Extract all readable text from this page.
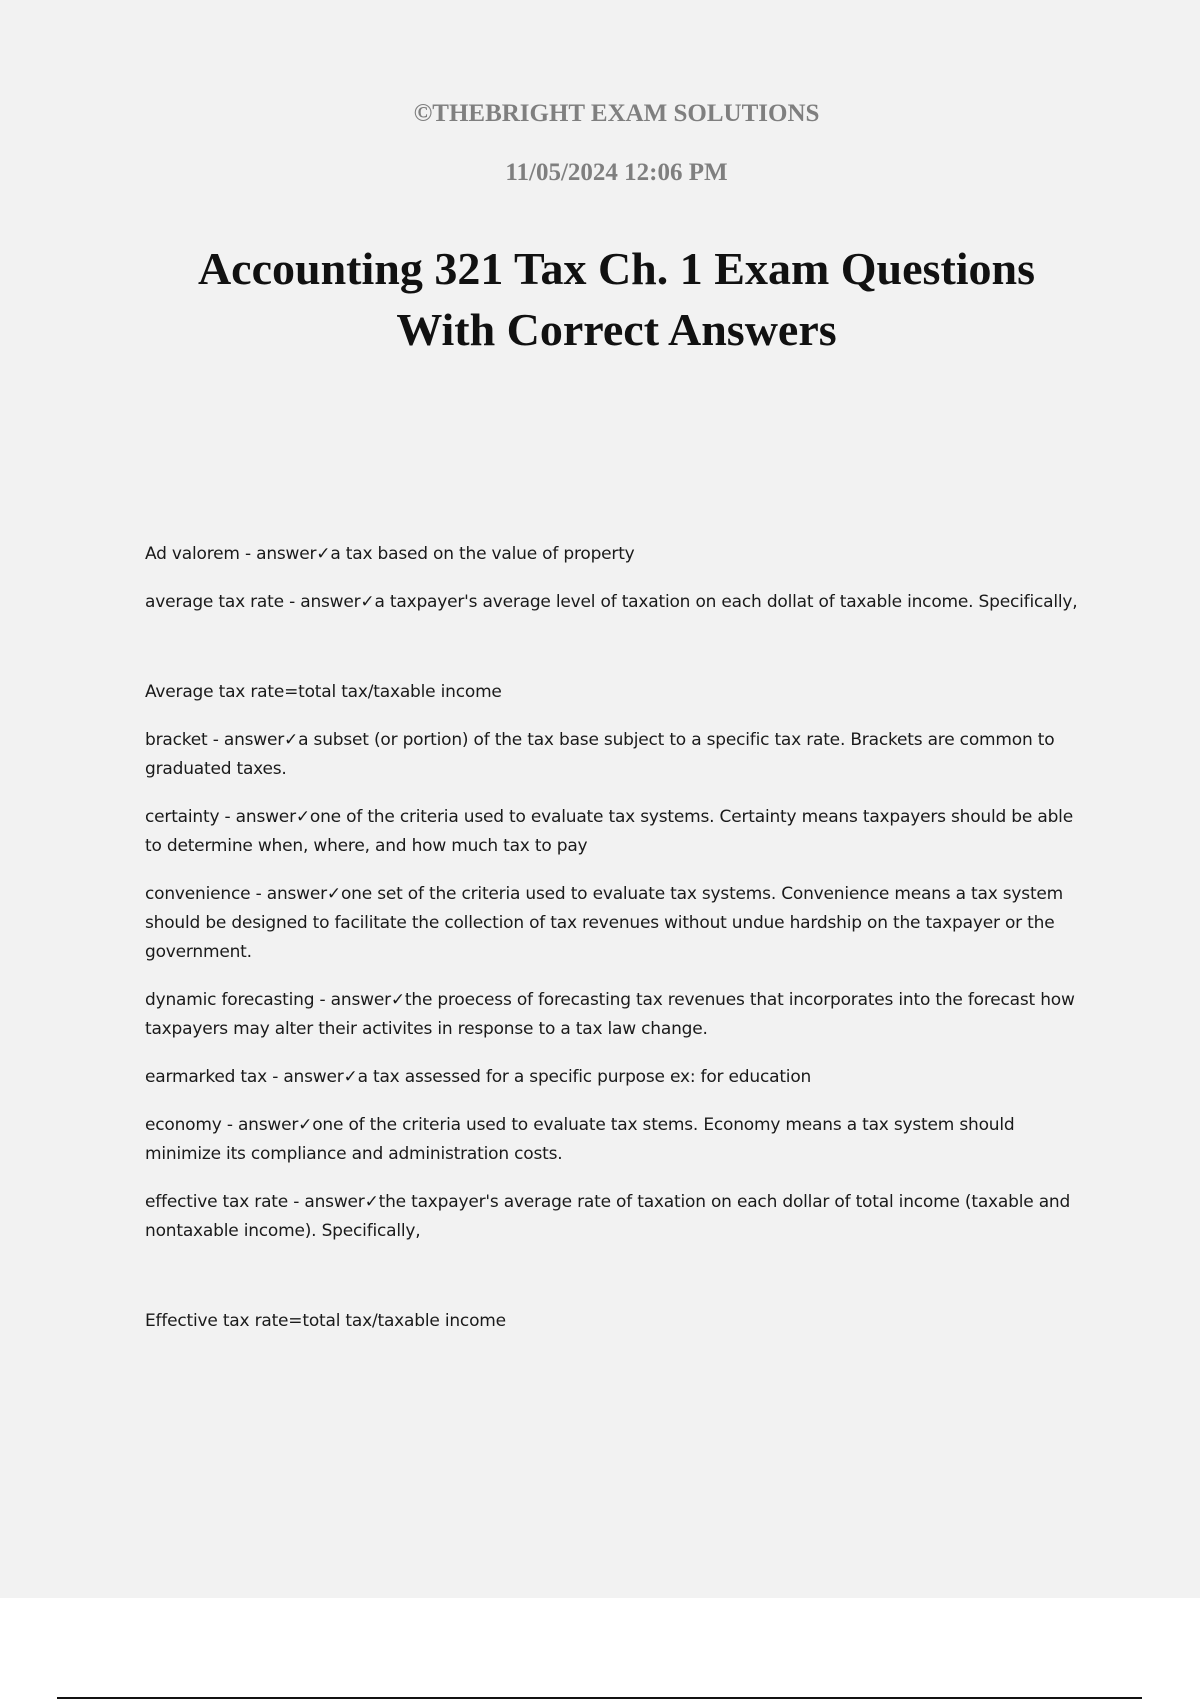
©THEBRIGHT EXAM SOLUTIONS

11/05/2024 12:06 PM

Accounting 321 Tax Ch. 1 Exam Questions
With Correct Answers

Ad valorem - answer✓a tax based on the value of property

average tax rate - answer✓a taxpayer's average level of taxation on each dollat of taxable income. Specifically,

Average tax rate=total tax/taxable income

bracket - answer✓a subset (or portion) of the tax base subject to a specific tax rate. Brackets are common to graduated taxes.

certainty - answer✓one of the criteria used to evaluate tax systems. Certainty means taxpayers should be able to determine when, where, and how much tax to pay

convenience - answer✓one set of the criteria used to evaluate tax systems. Convenience means a tax system should be designed to facilitate the collection of tax revenues without undue hardship on the taxpayer or the government.

dynamic forecasting - answer✓the proecess of forecasting tax revenues that incorporates into the forecast how taxpayers may alter their activites in response to a tax law change.

earmarked tax - answer✓a tax assessed for a specific purpose ex: for education

economy - answer✓one of the criteria used to evaluate tax stems. Economy means a tax system should minimize its compliance and administration costs.

effective tax rate - answer✓the taxpayer's average rate of taxation on each dollar of total income (taxable and nontaxable income). Specifically,

Effective tax rate=total tax/taxable income
